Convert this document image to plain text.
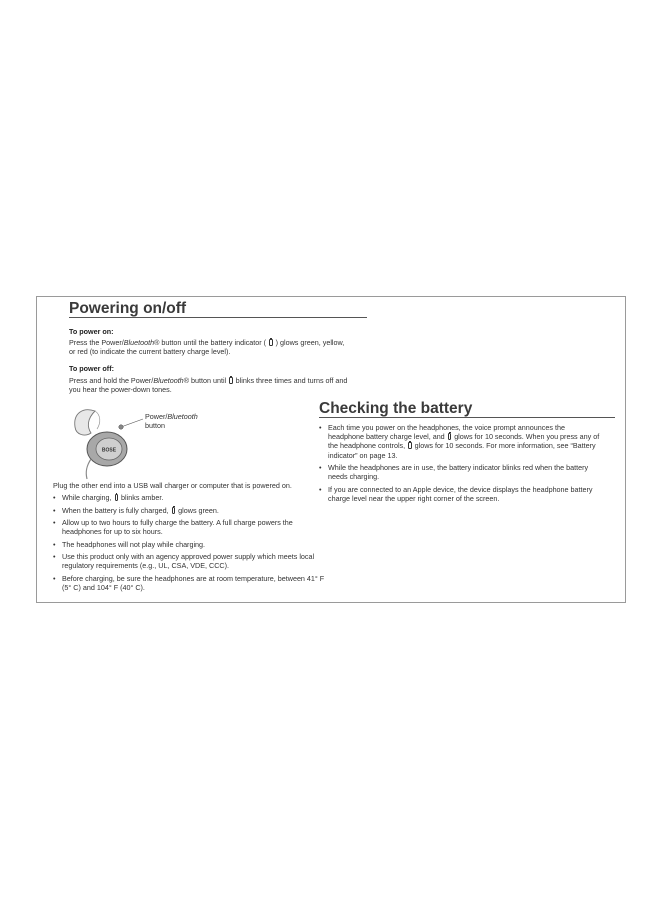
Powering on/off
To power on:
Press the Power/Bluetooth® button until the battery indicator ( ) glows green, yellow,
or red (to indicate the current battery charge level).
To power off:
Press and hold the Power/Bluetooth® button until blinks three times and turns off and
you hear the power-down tones.
BOSE
Power/Bluetooth
button
Plug the other end into a USB wall charger or computer that is powered on.
• While charging, blinks amber.
• When the battery is fully charged, glows green.
• Allow up to two hours to fully charge the battery. A full charge powers the
headphones for up to six hours.
• The headphones will not play while charging.
• Use this product only with an agency approved power supply which meets local
regulatory requirements (e.g., UL, CSA, VDE, CCC).
• Before charging, be sure the headphones are at room temperature, between 41° F
(5° C) and 104° F (40° C).
Checking the battery
• Each time you power on the headphones, the voice prompt announces the
headphone battery charge level, and glows for 10 seconds. When you press any of
the headphone controls, glows for 10 seconds. For more information, see “Battery
indicator” on page 13.
• While the headphones are in use, the battery indicator blinks red when the battery
needs charging.
• If you are connected to an Apple device, the device displays the headphone battery
charge level near the upper right corner of the screen.
